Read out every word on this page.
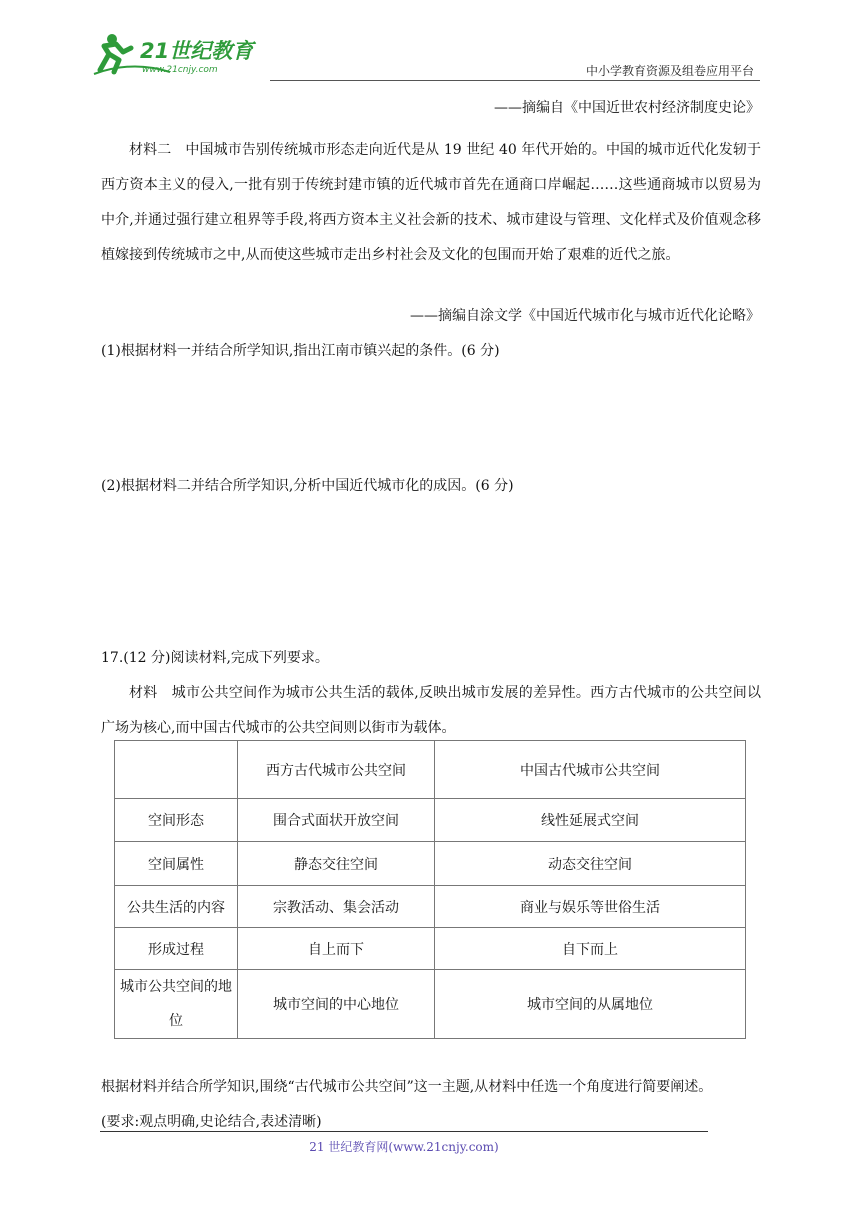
21世纪教育
www.21cnjy.com	中小学教育资源及组卷应用平台
——摘编自《中国近世农村经济制度史论》
材料二 中国城市告别传统城市形态走向近代是从 19 世纪 40 年代开始的。中国的城市近代化发轫于西方资本主义的侵入,一批有别于传统封建市镇的近代城市首先在通商口岸崛起……这些通商城市以贸易为中介,并通过强行建立租界等手段,将西方资本主义社会新的技术、城市建设与管理、文化样式及价值观念移植嫁接到传统城市之中,从而使这些城市走出乡村社会及文化的包围而开始了艰难的近代之旅。
——摘编自涂文学《中国近代城市化与城市近代化论略》
(1)根据材料一并结合所学知识,指出江南市镇兴起的条件。(6 分)
(2)根据材料二并结合所学知识,分析中国近代城市化的成因。(6 分)
17.(12 分)阅读材料,完成下列要求。
材料 城市公共空间作为城市公共生活的载体,反映出城市发展的差异性。西方古代城市的公共空间以广场为核心,而中国古代城市的公共空间则以街市为载体。
	西方古代城市公共空间	中国古代城市公共空间
空间形态	围合式面状开放空间	线性延展式空间
空间属性	静态交往空间	动态交往空间
公共生活的内容	宗教活动、集会活动	商业与娱乐等世俗生活
形成过程	自上而下	自下而上
城市公共空间的地位	城市空间的中心地位	城市空间的从属地位
根据材料并结合所学知识,围绕“古代城市公共空间”这一主题,从材料中任选一个角度进行简要阐述。
(要求:观点明确,史论结合,表述清晰)
21 世纪教育网(www.21cnjy.com)
